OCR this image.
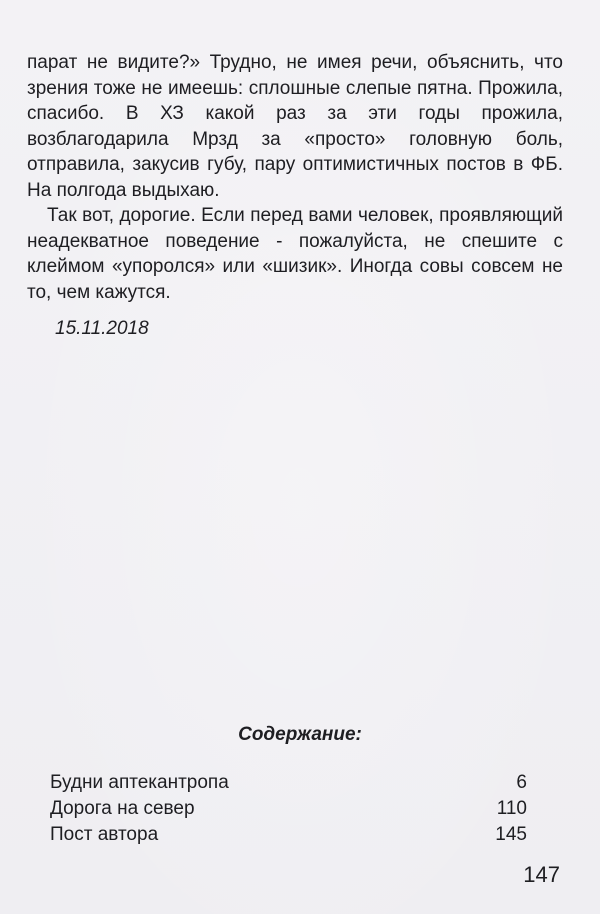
парат не видите?» Трудно, не имея речи, объяснить, что зрения тоже не имеешь: сплошные слепые пятна. Прожила, спасибо. В ХЗ какой раз за эти годы прожила, возблагодарила Мрзд за «просто» головную боль, отправила, закусив губу, пару оптимистичных постов в ФБ. На полгода выдыхаю.

Так вот, дорогие. Если перед вами человек, проявляющий неадекватное поведение - пожалуйста, не спешите с клеймом «упоролся» или «шизик». Иногда совы совсем не то, чем кажутся.

15.11.2018
Содержание:
Будни аптекантропа	6
Дорога на север	110
Пост автора	145
147
